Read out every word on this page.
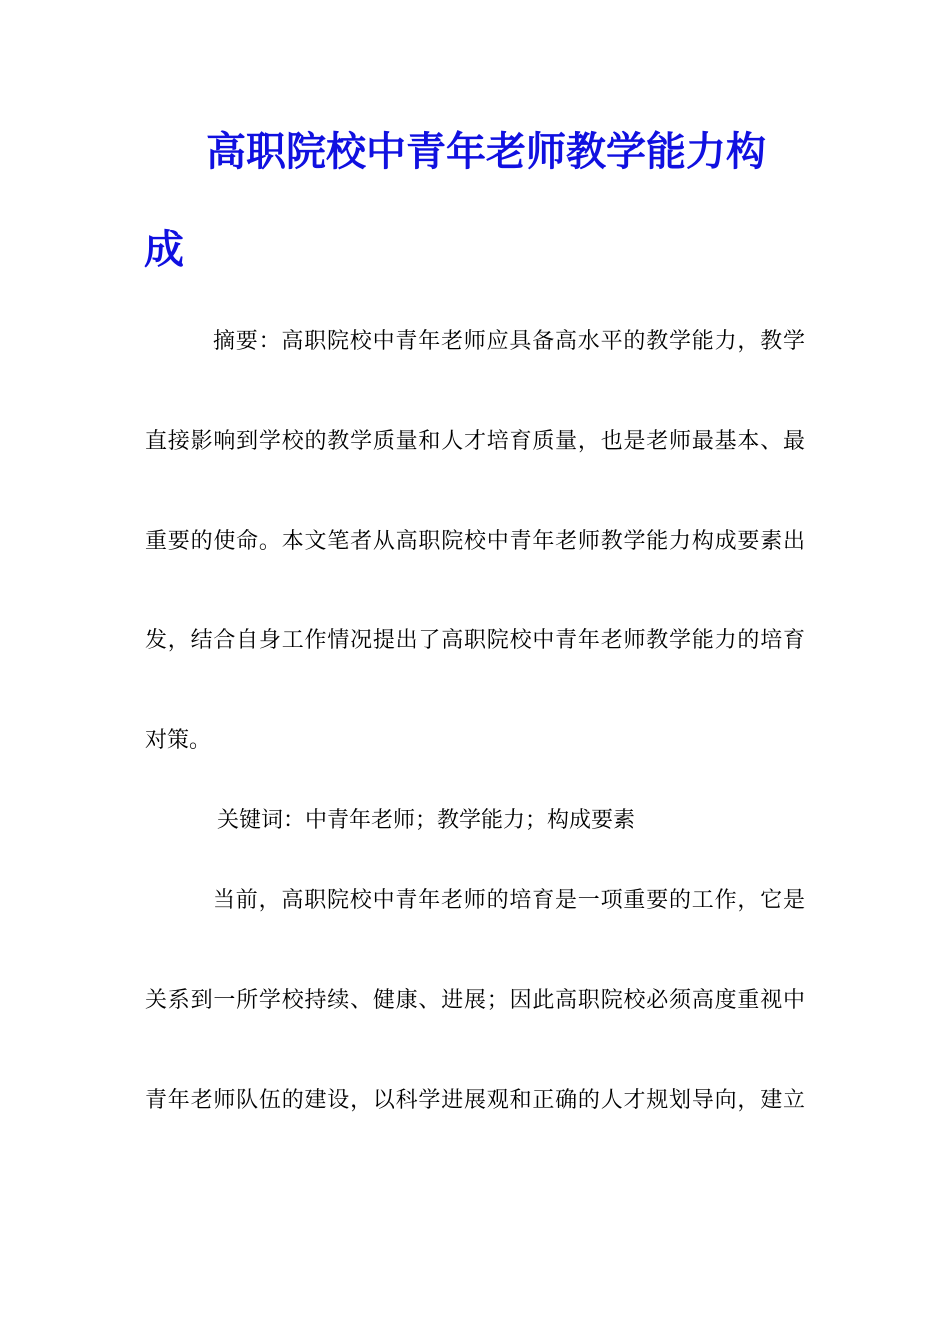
高职院校中青年老师教学能力构
成
摘要：高职院校中青年老师应具备高水平的教学能力，教学
直接影响到学校的教学质量和人才培育质量，也是老师最基本、最
重要的使命。本文笔者从高职院校中青年老师教学能力构成要素出
发，结合自身工作情况提出了高职院校中青年老师教学能力的培育
对策。
关键词：中青年老师；教学能力；构成要素
当前，高职院校中青年老师的培育是一项重要的工作，它是
关系到一所学校持续、健康、进展；因此高职院校必须高度重视中
青年老师队伍的建设，以科学进展观和正确的人才规划导向，建立
